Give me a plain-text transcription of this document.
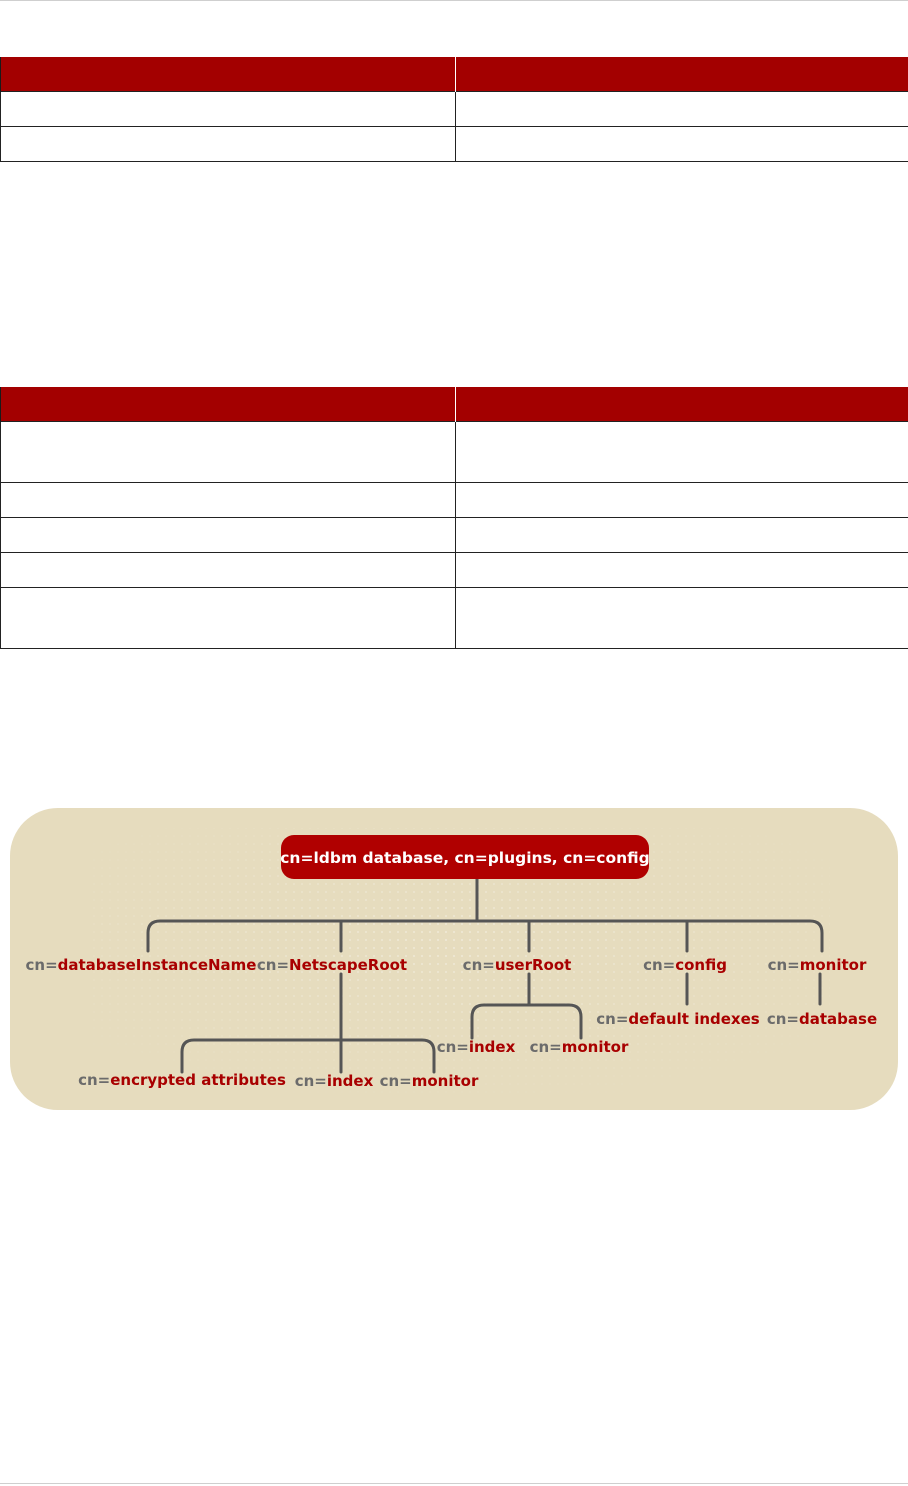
cn=ldbm database, cn=plugins, cn=config
cn=databaseInstanceName cn=NetscapeRoot	cn=userRoot	cn=config	cn=monitor
cn=default indexes cn=database
cn=index cn=monitor
cn=encrypted attributes cn=index cn=monitor
